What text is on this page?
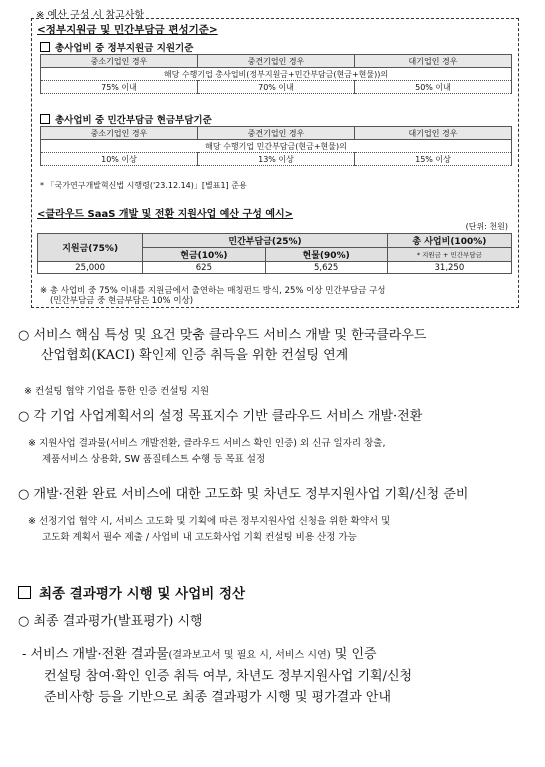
※ 예산 구성 시 참고사항
<정부지원금 및 민간부담금 편성기준>
총사업비 중 정부지원금 지원기준
중소기업인 경우	중견기업인 경우	대기업인 경우
해당 수행기업 총사업비(정부지원금+민간부담금(현금+현물))의		
75% 이내	70% 이내	50% 이내
총사업비 중 민간부담금 현금부담기준
중소기업인 경우	중견기업인 경우	대기업인 경우
해당 수행기업 민간부담금(현금+현물)의		
10% 이상	13% 이상	15% 이상
* 「국가연구개발혁신법 시행령('23.12.14)」[별표1] 준용
<클라우드 SaaS 개발 및 전환 지원사업 예산 구성 예시>
(단위: 천원)
지원금(75%)	민간부담금(25%)		총 사업비(100%)
	현금(10%)	현물(90%)	* 지원금 + 민간부담금
25,000	625	5,625	31,250
※ 총 사업비 중 75% 이내를 지원금에서 출연하는 매칭펀드 방식, 25% 이상 민간부담금 구성
(민간부담금 중 현금부담은 10% 이상)
○ 서비스 핵심 특성 및 요건 맞춤 클라우드 서비스 개발 및 한국클라우드
산업협회(KACI) 확인제 인증 취득을 위한 컨설팅 연계
※ 컨설팅 협약 기업을 통한 인증 컨설팅 지원
○ 각 기업 사업계획서의 설정 목표지수 기반 클라우드 서비스 개발·전환
※ 지원사업 결과물(서비스 개발전환, 클라우드 서비스 확인 인증) 외 신규 일자리 창출,
제품서비스 상용화, SW 품질테스트 수행 등 목표 설정
○ 개발·전환 완료 서비스에 대한 고도화 및 차년도 정부지원사업 기획/신청 준비
※ 선정기업 협약 시, 서비스 고도화 및 기획에 따른 정부지원사업 신청을 위한 확약서 및
고도화 계획서 필수 제출 / 사업비 내 고도화사업 기획 컨설팅 비용 산정 가능
최종 결과평가 시행 및 사업비 정산
○ 최종 결과평가(발표평가) 시행
- 서비스 개발·전환 결과물(결과보고서 및 필요 시, 서비스 시연) 및 인증
컨설팅 참여·확인 인증 취득 여부, 차년도 정부지원사업 기획/신청
준비사항 등을 기반으로 최종 결과평가 시행 및 평가결과 안내
